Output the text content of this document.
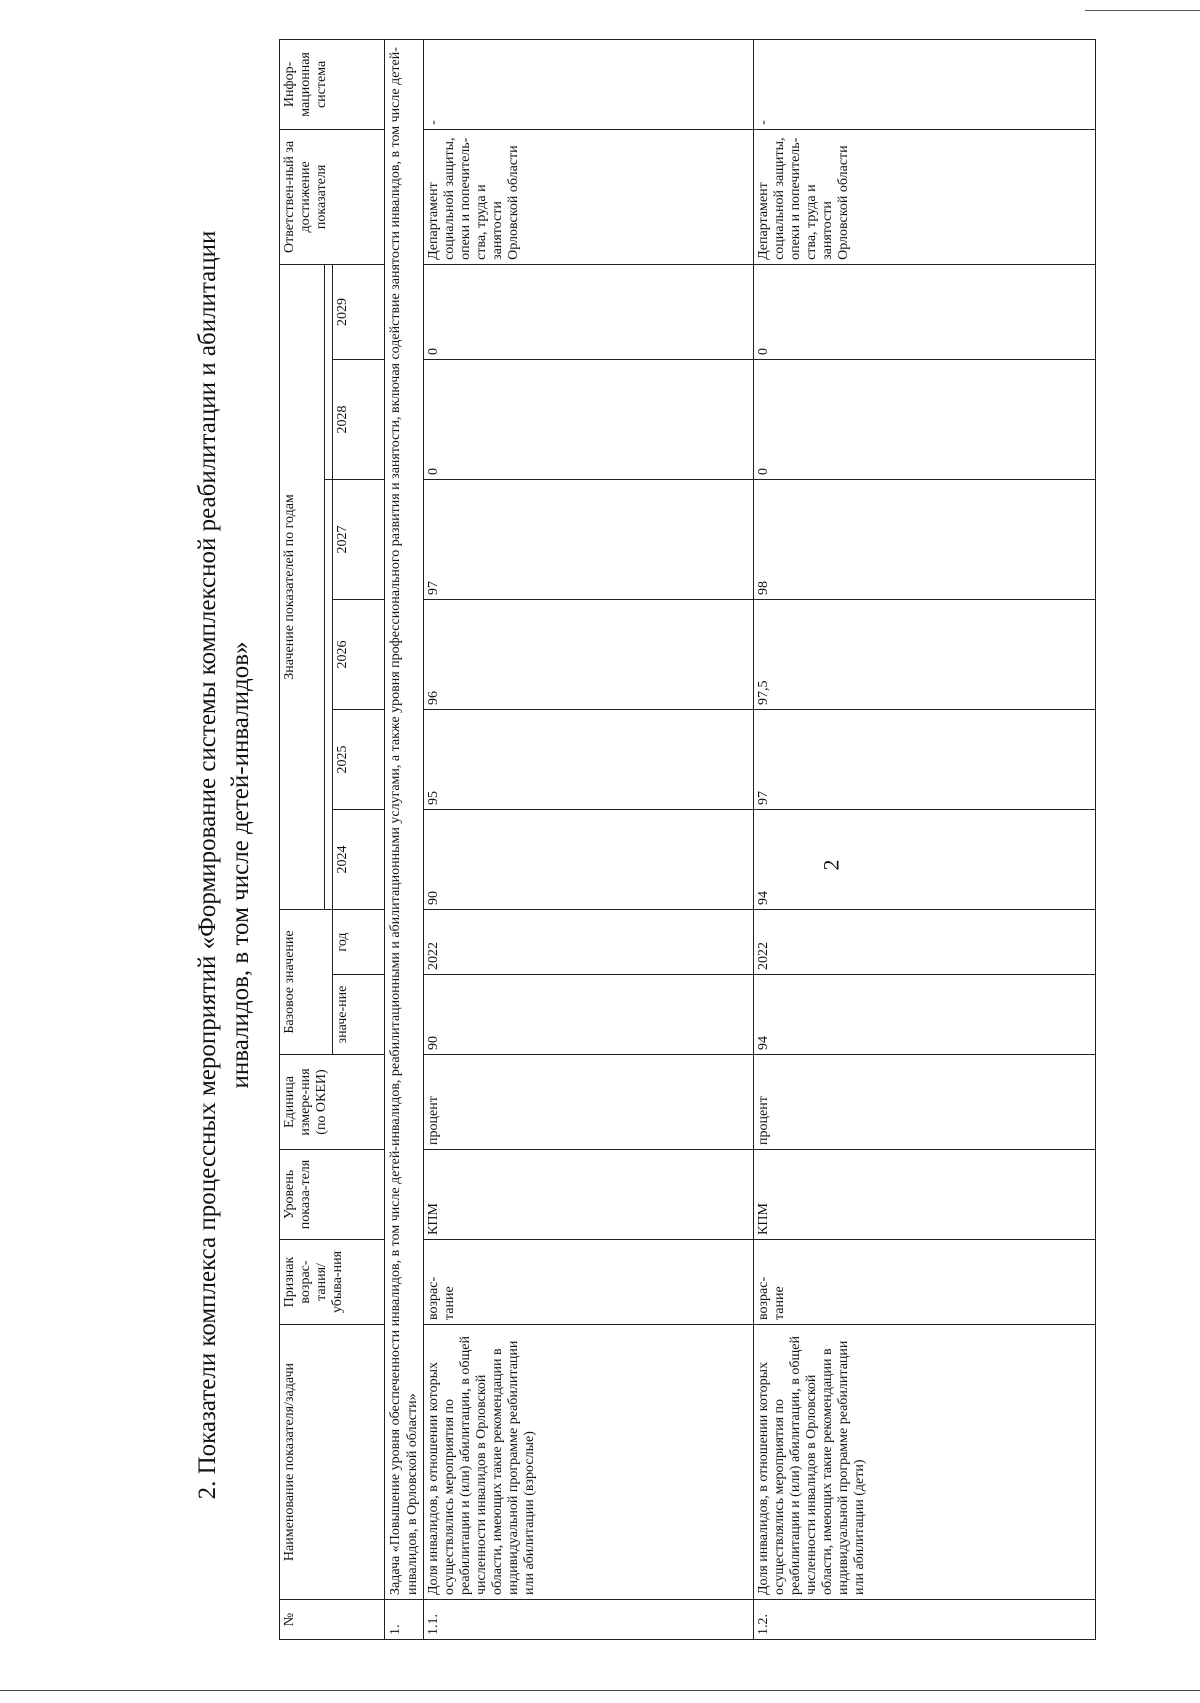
2
2. Показатели комплекса процессных мероприятий «Формирование системы комплексной реабилитации и абилитации инвалидов, в том числе детей-инвалидов»
№	Наименование показателя/задачи	Признак возрас-тания/ убыва-ния	Уровень показа-теля	Единица измере-ния (по ОКЕИ)	Базовое значение		Значение показателей по годам						Ответствен-ный за достижение показателя	Инфор-мационная система

					значе-ние	год	2024	2025	2026	2027	2028	2029		
1.	Задача «Повышение уровня обеспеченности инвалидов, в том числе детей-инвалидов, реабилитационными и абилитационными услугами, а также уровня профессионального развития и занятости, включая содействие занятости инвалидов, в том числе детей-инвалидов, в Орловской области»													
1.1.	Доля инвалидов, в отношении которых осуществлялись мероприятия по реабилитации и (или) абилитации, в общей численности инвалидов в Орловской области, имеющих такие рекомендации в индивидуальной программе реабилитации или абилитации (взрослые)	возрас-тание	КПМ	процент	90	2022	90	95	96	97	0	0	Департамент социальной защиты, опеки и попечитель-ства, труда и занятости Орловской области	-
1.2.	Доля инвалидов, в отношении которых осуществлялись мероприятия по реабилитации и (или) абилитации, в общей численности инвалидов в Орловской области, имеющих такие рекомендации в индивидуальной программе реабилитации или абилитации (дети)	возрас-тание	КПМ	процент	94	2022	94	97	97,5	98	0	0	Департамент социальной защиты, опеки и попечитель-ства, труда и занятости Орловской области	-
